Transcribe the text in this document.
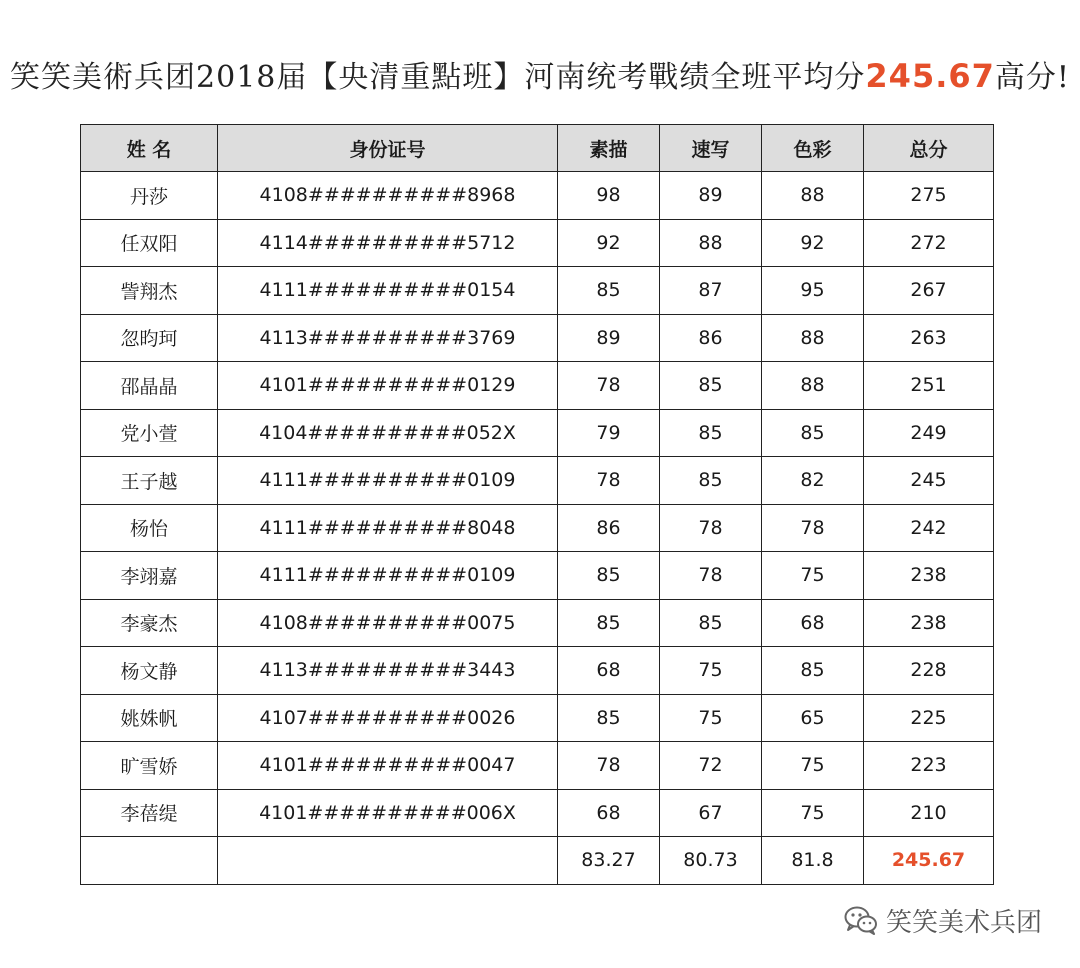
笑笑美術兵团2018届【央清重點班】河南统考戰绩全班平均分245.67高分!
姓 名	身份证号	素描	速写	色彩	总分
丹莎	4108##########8968	98	89	88	275
任双阳	4114##########5712	92	88	92	272
訾翔杰	4111##########0154	85	87	95	267
忽昀珂	4113##########3769	89	86	88	263
邵晶晶	4101##########0129	78	85	88	251
党小萱	4104##########052X	79	85	85	249
王子越	4111##########0109	78	85	82	245
杨怡	4111##########8048	86	78	78	242
李翊嘉	4111##########0109	85	78	75	238
李豪杰	4108##########0075	85	85	68	238
杨文静	4113##########3443	68	75	85	228
姚姝帆	4107##########0026	85	75	65	225
旷雪娇	4101##########0047	78	72	75	223
李蓓缇	4101##########006X	68	67	75	210
		83.27	80.73	81.8	245.67
笑笑美术兵团
